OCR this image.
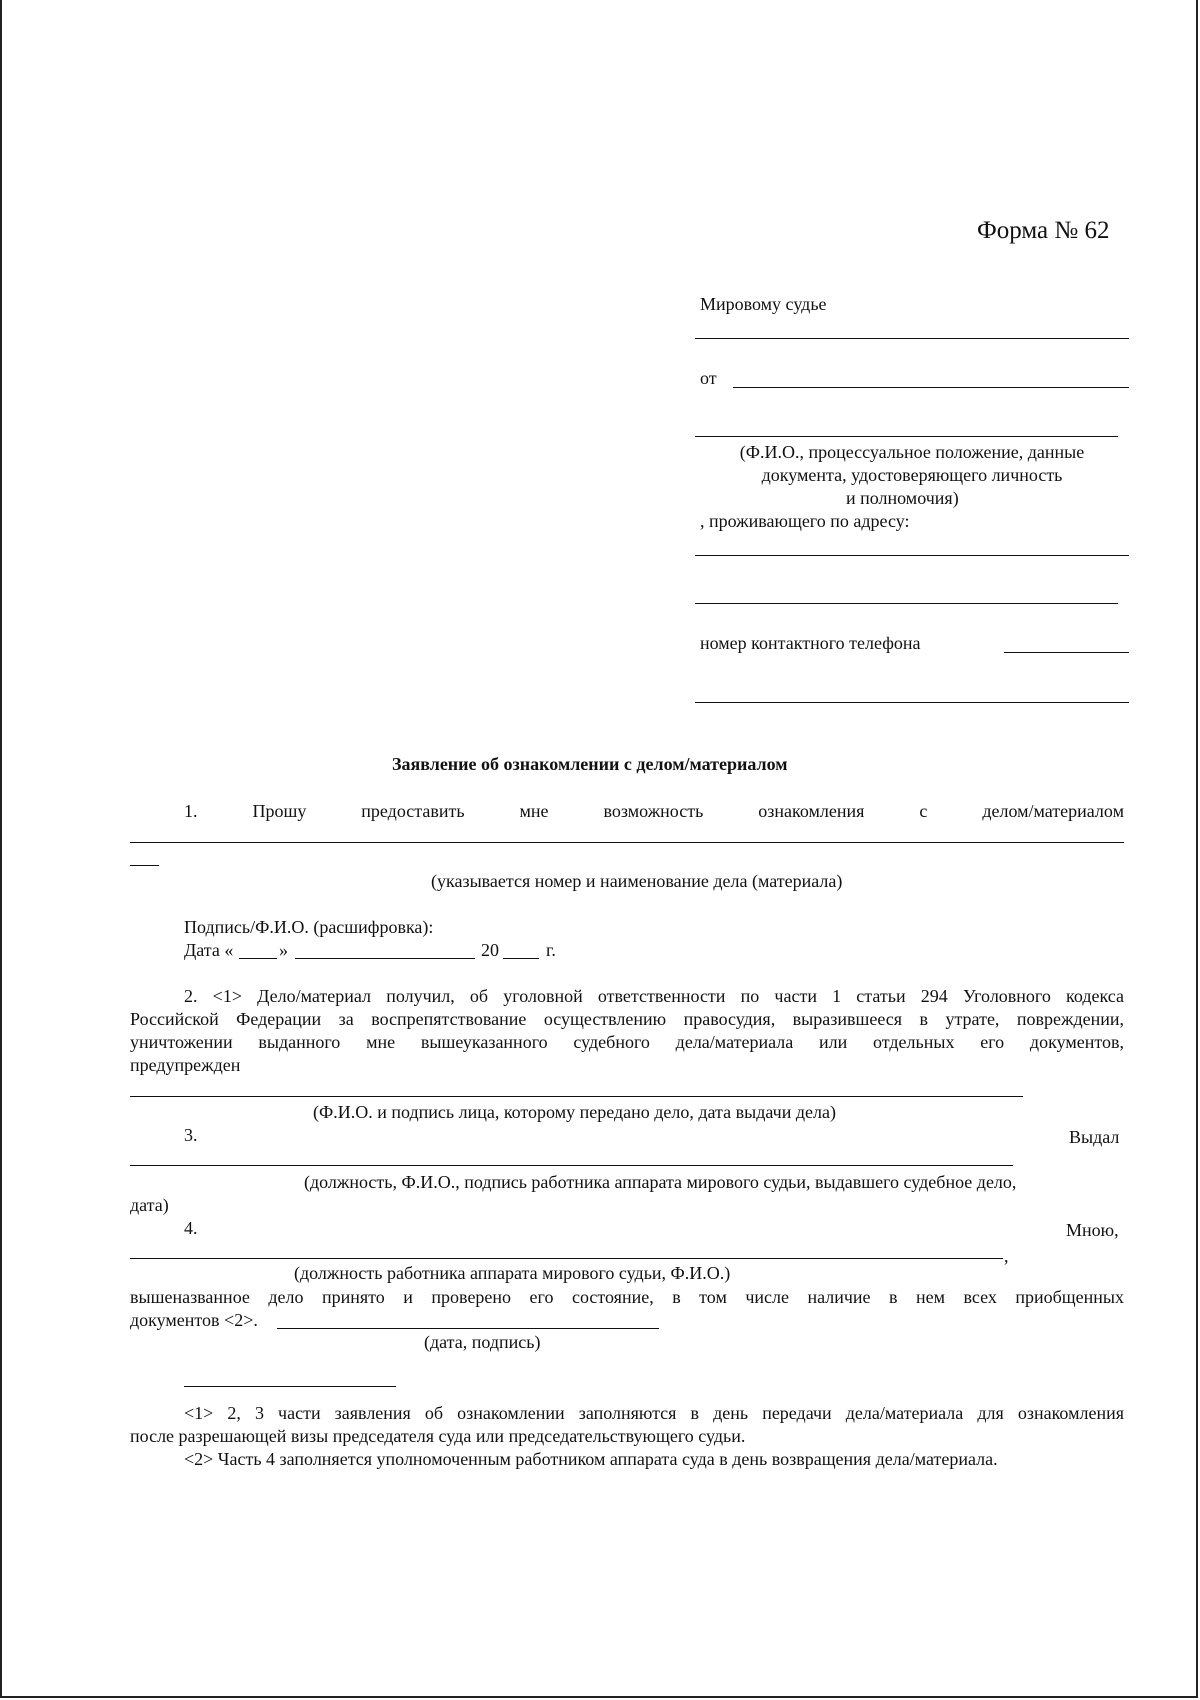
Форма № 62
Мировому судье
от
(Ф.И.О., процессуальное положение, данные
документа, удостоверяющего личность
и полномочия)
, проживающего по адресу:
номер контактного телефона
Заявление об ознакомлении с делом/материалом
1.	Прошу	предоставить	мне	возможность	ознакомления	с	делом/материалом
(указывается номер и наименование дела (материала)
Подпись/Ф.И.О. (расшифровка):
Дата «	»	20	г.
2. <1> Дело/материал получил, об уголовной ответственности по части 1 статьи 294 Уголовного кодекса
Российской Федерации за воспрепятствование осуществлению правосудия, выразившееся в утрате, повреждении,
уничтожении выданного мне вышеуказанного судебного дела/материала или отдельных его документов,
предупрежден
(Ф.И.О. и подпись лица, которому передано дело, дата выдачи дела)
3.	Выдал
(должность, Ф.И.О., подпись работника аппарата мирового судьи, выдавшего судебное дело,
дата)
4.	Мною,
,
(должность работника аппарата мирового судьи, Ф.И.О.)
вышеназванное дело принято и проверено его состояние, в том числе наличие в нем всех приобщенных
документов <2>.
(дата, подпись)
<1> 2, 3 части заявления об ознакомлении заполняются в день передачи дела/материала для ознакомления
после разрешающей визы председателя суда или председательствующего судьи.
<2> Часть 4 заполняется уполномоченным работником аппарата суда в день возвращения дела/материала.
